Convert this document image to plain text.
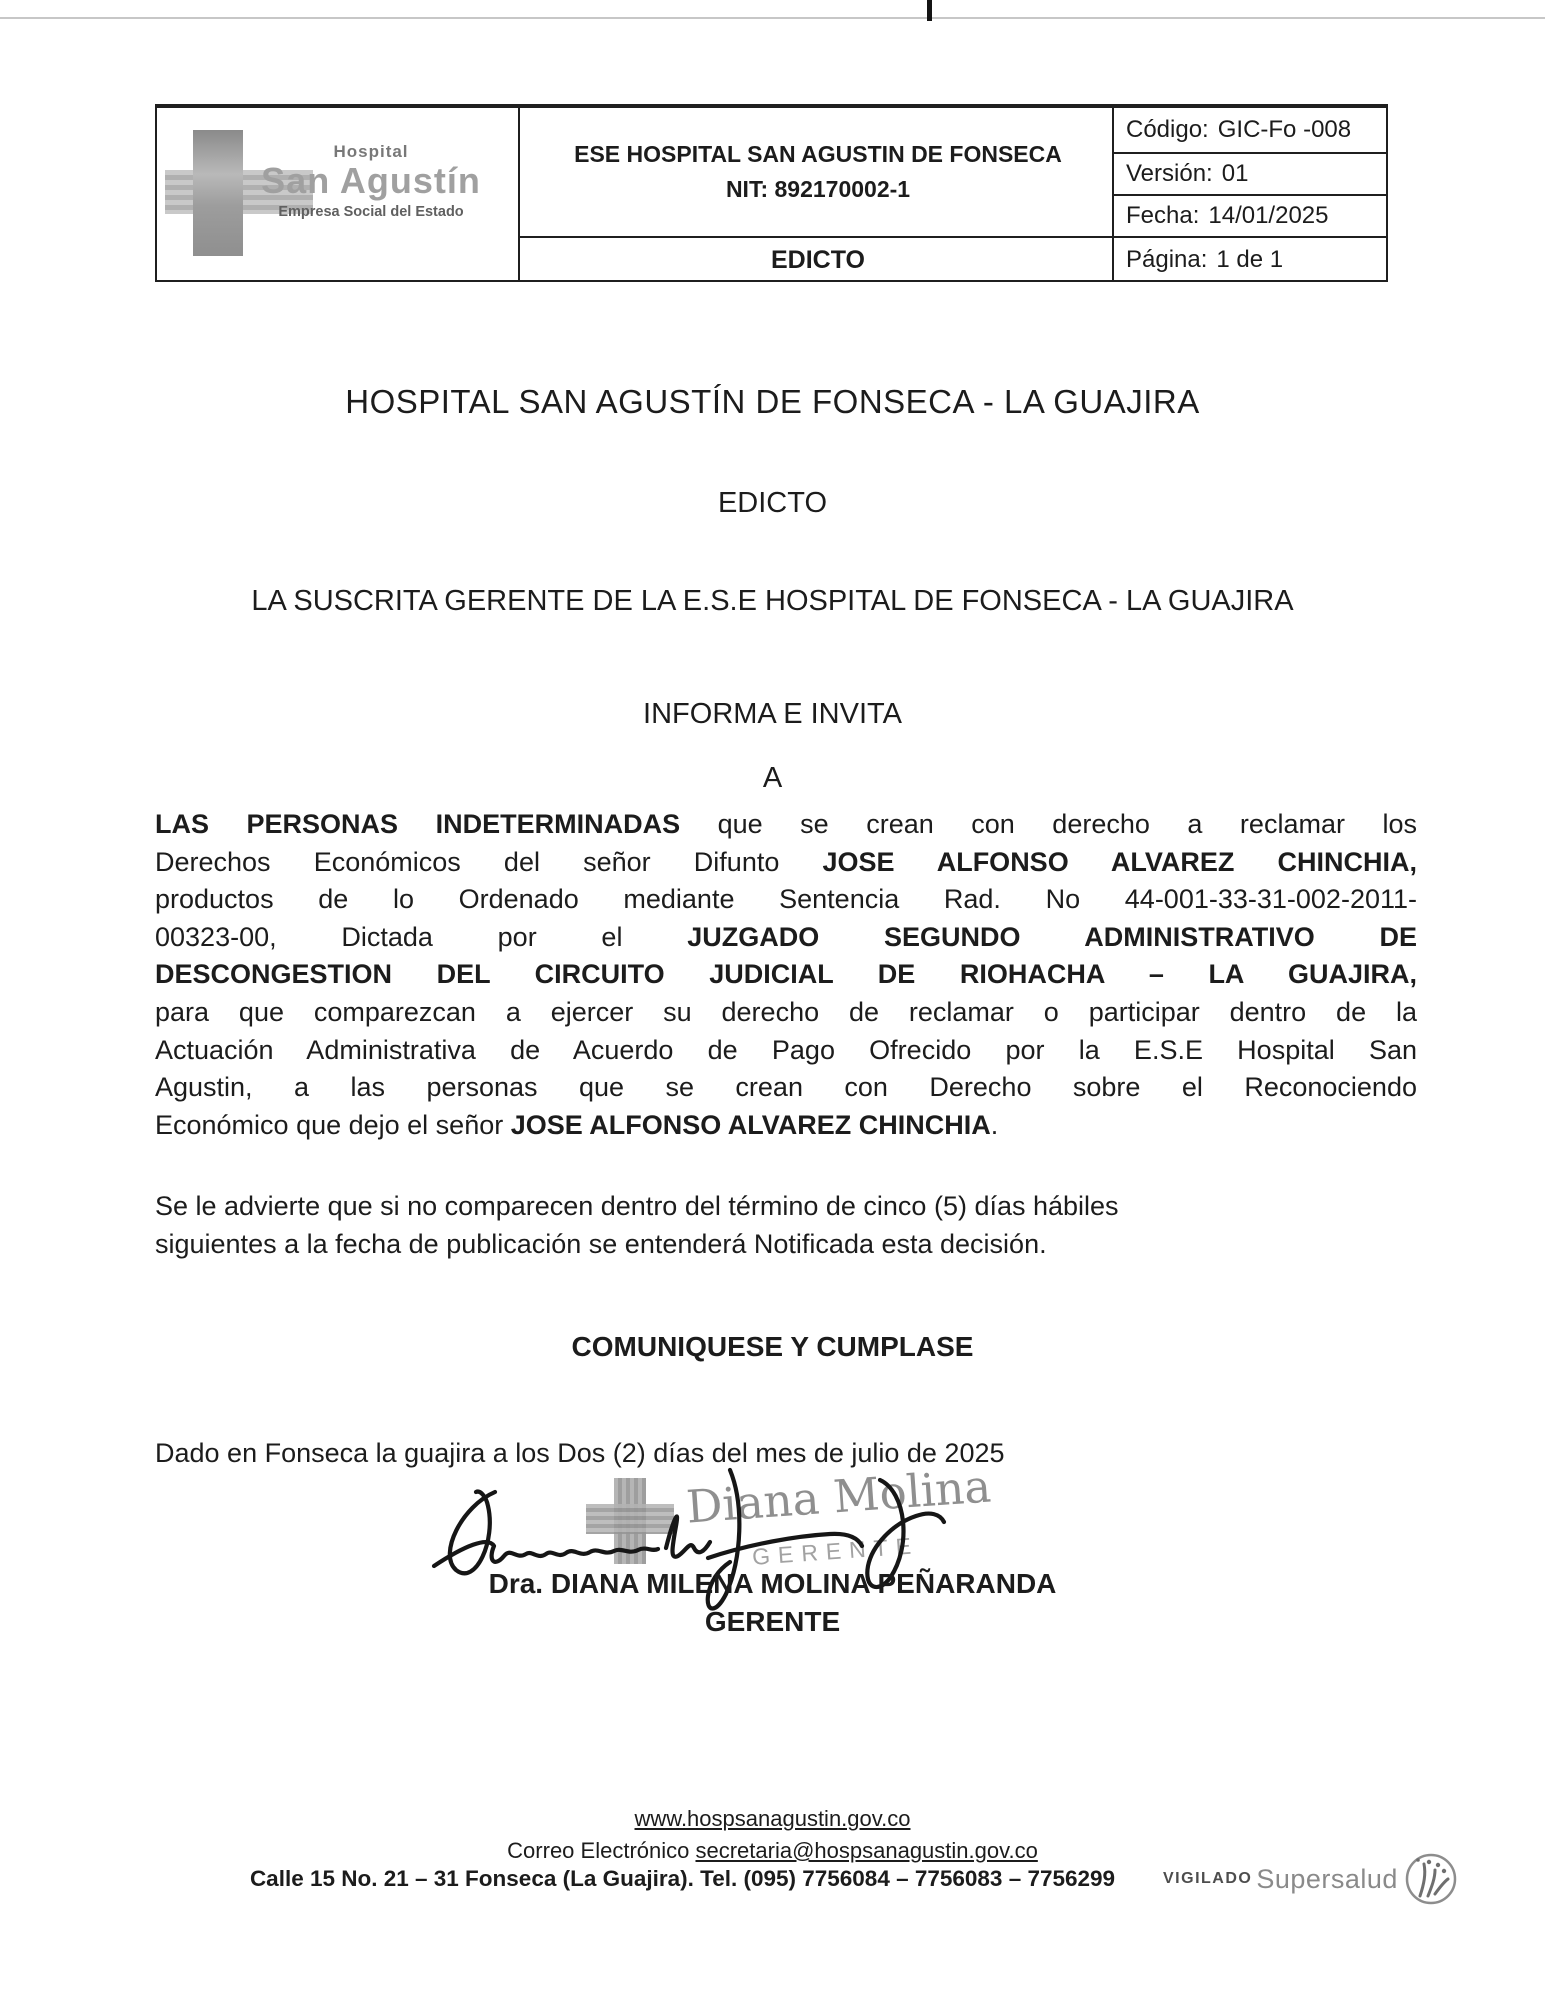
Hospital
San Agustín
Empresa Social del Estado
ESE HOSPITAL SAN AGUSTIN DE FONSECA
NIT: 892170002-1
EDICTO
Código: GIC-Fo -008
Versión: 01
Fecha: 14/01/2025
Página: 1 de 1
HOSPITAL SAN AGUSTÍN DE FONSECA - LA GUAJIRA
EDICTO
LA SUSCRITA GERENTE DE LA E.S.E HOSPITAL DE FONSECA - LA GUAJIRA
INFORMA E INVITA
A
LAS PERSONAS INDETERMINADAS que se crean con derecho a reclamar los
Derechos Económicos del señor Difunto JOSE ALFONSO ALVAREZ CHINCHIA,
productos de lo Ordenado mediante Sentencia Rad. No 44-001-33-31-002-2011-
00323-00, Dictada por el JUZGADO SEGUNDO ADMINISTRATIVO DE
DESCONGESTION DEL CIRCUITO JUDICIAL DE RIOHACHA – LA GUAJIRA,
para que comparezcan a ejercer su derecho de reclamar o participar dentro de la
Actuación Administrativa de Acuerdo de Pago Ofrecido por la E.S.E Hospital San
Agustin, a las personas que se crean con Derecho sobre el Reconociendo
Económico que dejo el señor JOSE ALFONSO ALVAREZ CHINCHIA.
Se le advierte que si no comparecen dentro del término de cinco (5) días hábiles
siguientes a la fecha de publicación se entenderá Notificada esta decisión.
COMUNIQUESE Y CUMPLASE
Dado en Fonseca la guajira a los Dos (2) días del mes de julio de 2025
Diana Molina
GERENTE
Dra. DIANA MILENA MOLINA PEÑARANDA
GERENTE
www.hospsanagustin.gov.co
Correo Electrónico secretaria@hospsanagustin.gov.co
Calle 15 No. 21 – 31 Fonseca (La Guajira). Tel. (095) 7756084 – 7756083 – 7756299	VIGILADO Supersalud
